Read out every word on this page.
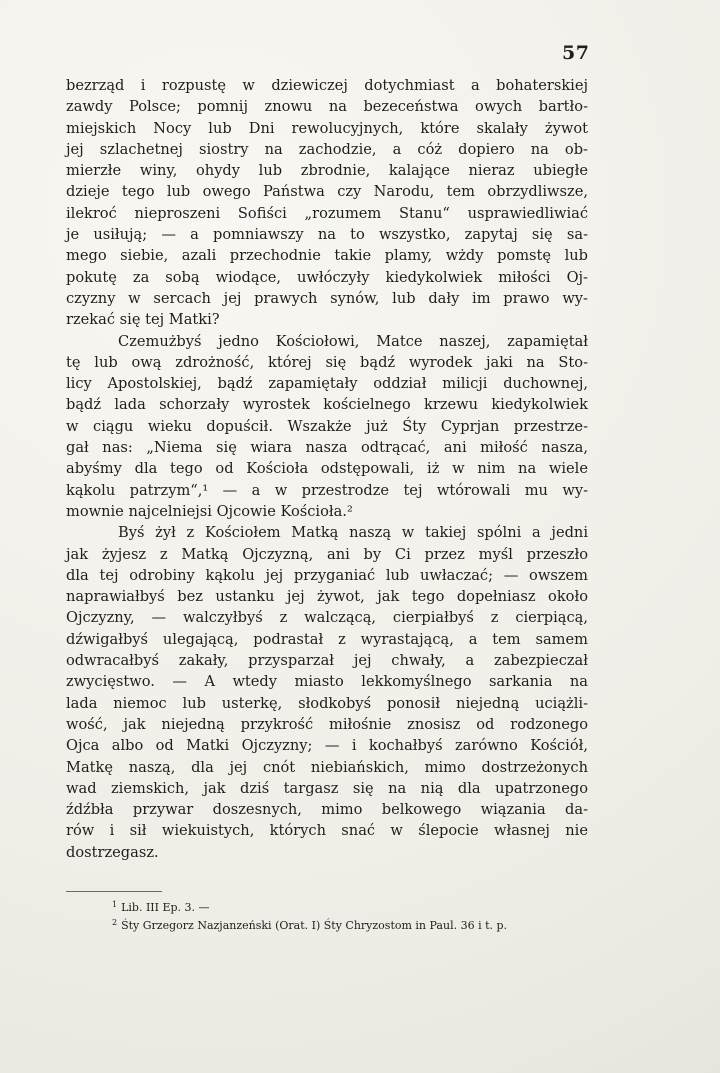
57
bezrząd i rozpustę w dziewiczej dotychmiast a bohaterskiej
zawdy Polsce; pomnij znowu na bezeceństwa owych bartło-
miejskich Nocy lub Dni rewolucyjnych, które skalały żywot
jej szlachetnej siostry na zachodzie, a cóż dopiero na ob-
mierzłe winy, ohydy lub zbrodnie, kalające nieraz ubiegłe
dzieje tego lub owego Państwa czy Narodu, tem obrzydliwsze,
ilekroć nieproszeni Sofiści „rozumem Stanu“ usprawiedliwiać
je usiłują; — a pomniawszy na to wszystko, zapytaj się sa-
mego siebie, azali przechodnie takie plamy, wżdy pomstę lub
pokutę za sobą wiodące, uwłóczyły kiedykolwiek miłości Oj-
czyzny w sercach jej prawych synów, lub dały im prawo wy-
rzekać się tej Matki?
Czemużbyś jedno Kościołowi, Matce naszej, zapamiętał
tę lub ową zdrożność, której się bądź wyrodek jaki na Sto-
licy Apostolskiej, bądź zapamiętały oddział milicji duchownej,
bądź lada schorzały wyrostek kościelnego krzewu kiedykolwiek
w ciągu wieku dopuścił. Wszakże już Śty Cyprjan przestrze-
gał nas: „Niema się wiara nasza odtrącać, ani miłość nasza,
abyśmy dla tego od Kościoła odstępowali, iż w nim na wiele
kąkolu patrzym“,¹ — a w przestrodze tej wtórowali mu wy-
mownie najcelniejsi Ojcowie Kościoła.²
Byś żył z Kościołem Matką naszą w takiej spólni a jedni
jak żyjesz z Matką Ojczyzną, ani by Ci przez myśl przeszło
dla tej odrobiny kąkolu jej przyganiać lub uwłaczać; — owszem
naprawiałbyś bez ustanku jej żywot, jak tego dopełniasz około
Ojczyzny, — walczyłbyś z walczącą, cierpiałbyś z cierpiącą,
dźwigałbyś ulegającą, podrastał z wyrastającą, a tem samem
odwracałbyś zakały, przysparzał jej chwały, a zabezpieczał
zwycięstwo. — A wtedy miasto lekkomyślnego sarkania na
lada niemoc lub usterkę, słodkobyś ponosił niejedną uciążli-
wość, jak niejedną przykrość miłośnie znosisz od rodzonego
Ojca albo od Matki Ojczyzny; — i kochałbyś zarówno Kościół,
Matkę naszą, dla jej cnót niebiańskich, mimo dostrzeżonych
wad ziemskich, jak dziś targasz się na nią dla upatrzonego
źdźbła przywar doszesnych, mimo belkowego wiązania da-
rów i sił wiekuistych, których snać w ślepocie własnej nie
dostrzegasz.
$^1$ Lib. III Ep. 3. —
$^2$ Śty Grzegorz Nazjanzeński (Orat. I) Śty Chryzostom in Paul. 36 i t. p.
